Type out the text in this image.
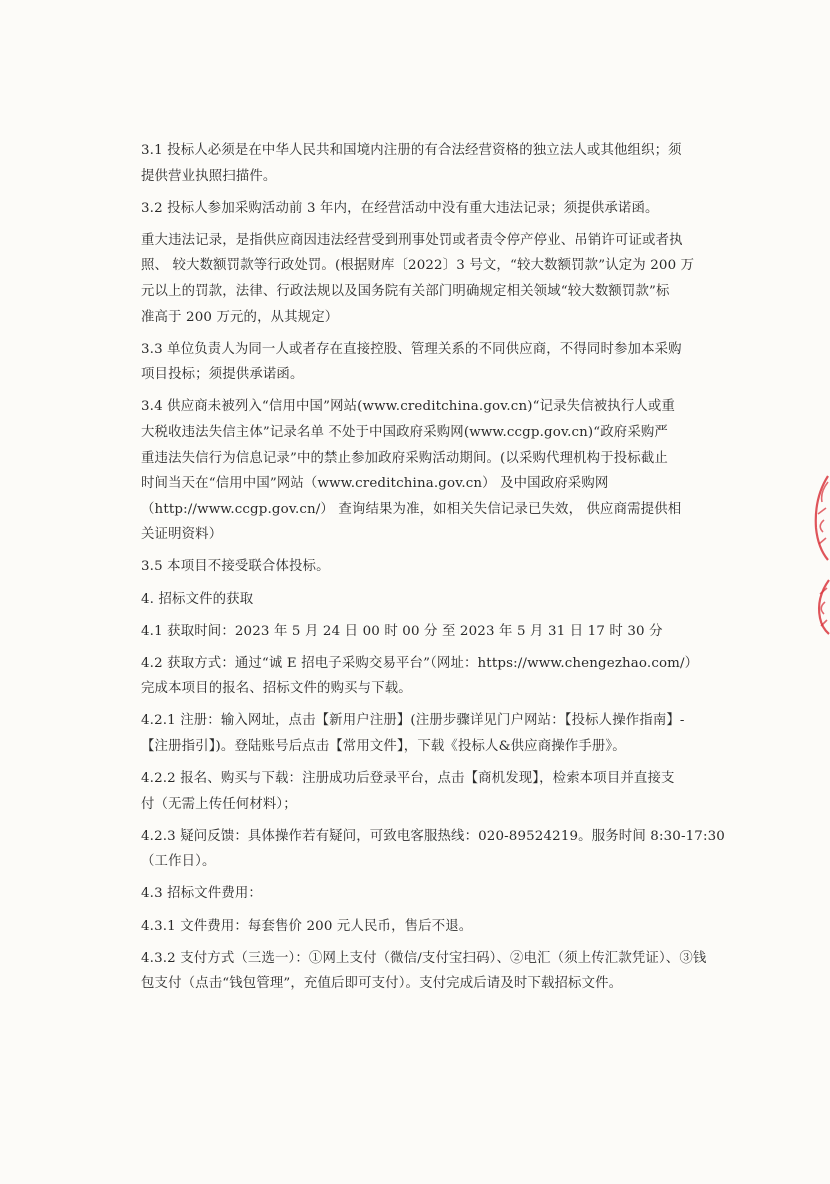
3.1 投标人必须是在中华人民共和国境内注册的有合法经营资格的独立法人或其他组织；须
提供营业执照扫描件。

3.2 投标人参加采购活动前 3 年内，在经营活动中没有重大违法记录；须提供承诺函。

重大违法记录，是指供应商因违法经营受到刑事处罚或者责令停产停业、吊销许可证或者执
照、 较大数额罚款等行政处罚。(根据财库〔2022〕3 号文，“较大数额罚款”认定为 200 万
元以上的罚款，法律、行政法规以及国务院有关部门明确规定相关领域“较大数额罚款”标
准高于 200 万元的，从其规定）

3.3 单位负责人为同一人或者存在直接控股、管理关系的不同供应商，不得同时参加本采购
项目投标；须提供承诺函。

3.4 供应商未被列入“信用中国”网站(www.creditchina.gov.cn)“记录失信被执行人或重
大税收违法失信主体”记录名单 不处于中国政府采购网(www.ccgp.gov.cn)“政府采购严
重违法失信行为信息记录”中的禁止参加政府采购活动期间。(以采购代理机构于投标截止
时间当天在“信用中国”网站（www.creditchina.gov.cn） 及中国政府采购网
（http://www.ccgp.gov.cn/） 查询结果为准，如相关失信记录已失效， 供应商需提供相
关证明资料）

3.5 本项目不接受联合体投标。

4. 招标文件的获取

4.1 获取时间：2023 年 5 月 24 日 00 时 00 分 至 2023 年 5 月 31 日 17 时 30 分

4.2 获取方式：通过“诚 E 招电子采购交易平台”（网址：https://www.chengezhao.com/）
完成本项目的报名、招标文件的购买与下载。

4.2.1 注册：输入网址，点击【新用户注册】(注册步骤详见门户网站：【投标人操作指南】-
【注册指引】)。登陆账号后点击【常用文件】，下载《投标人&供应商操作手册》。

4.2.2 报名、购买与下载：注册成功后登录平台，点击【商机发现】，检索本项目并直接支
付（无需上传任何材料）；

4.2.3 疑问反馈：具体操作若有疑问，可致电客服热线：020-89524219。服务时间 8:30-17:30
（工作日）。

4.3 招标文件费用：

4.3.1 文件费用：每套售价 200 元人民币，售后不退。

4.3.2 支付方式（三选一）：①网上支付（微信/支付宝扫码）、②电汇（须上传汇款凭证）、③钱
包支付（点击“钱包管理”，充值后即可支付）。支付完成后请及时下载招标文件。
